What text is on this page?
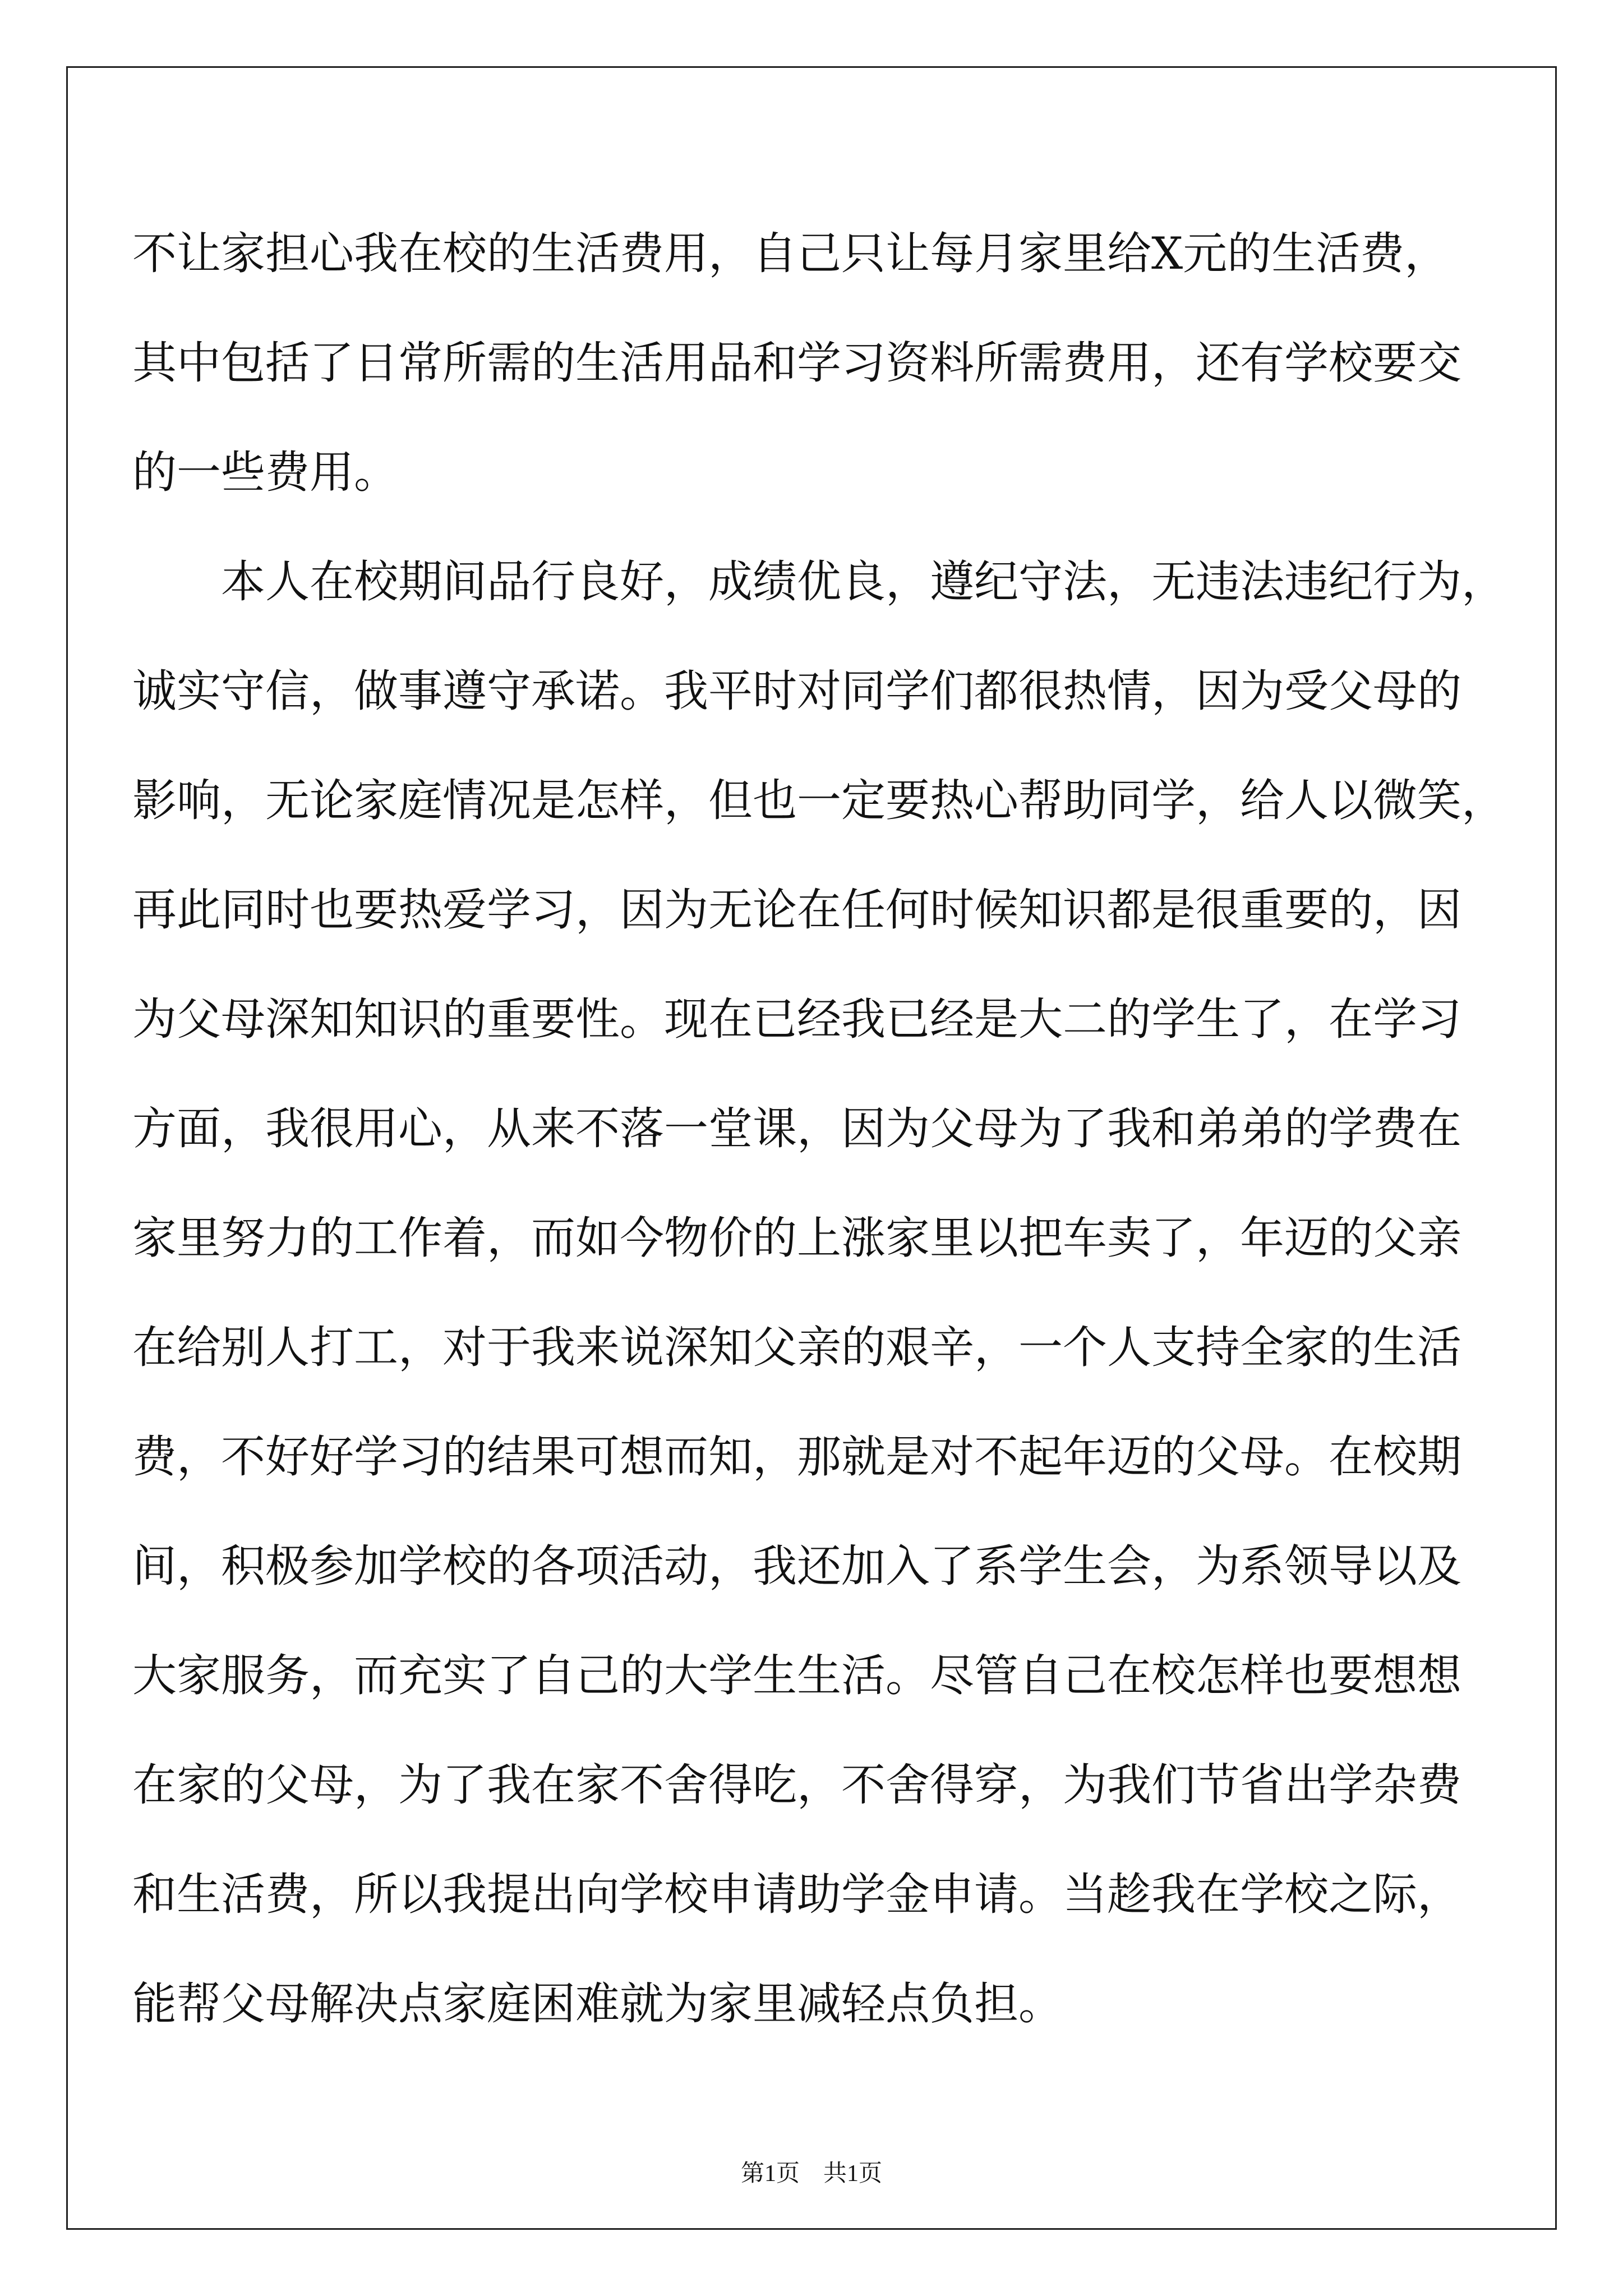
不让家担心我在校的生活费用，自己只让每月家里给X元的生活费，
其中包括了日常所需的生活用品和学习资料所需费用，还有学校要交
的一些费用。
本人在校期间品行良好，成绩优良，遵纪守法，无违法违纪行为，
诚实守信，做事遵守承诺。我平时对同学们都很热情，因为受父母的
影响，无论家庭情况是怎样，但也一定要热心帮助同学，给人以微笑，
再此同时也要热爱学习，因为无论在任何时候知识都是很重要的，因
为父母深知知识的重要性。现在已经我已经是大二的学生了，在学习
方面，我很用心，从来不落一堂课，因为父母为了我和弟弟的学费在
家里努力的工作着，而如今物价的上涨家里以把车卖了，年迈的父亲
在给别人打工，对于我来说深知父亲的艰辛，一个人支持全家的生活
费，不好好学习的结果可想而知，那就是对不起年迈的父母。在校期
间，积极参加学校的各项活动，我还加入了系学生会，为系领导以及
大家服务，而充实了自己的大学生生活。尽管自己在校怎样也要想想
在家的父母，为了我在家不舍得吃，不舍得穿，为我们节省出学杂费
和生活费，所以我提出向学校申请助学金申请。当趁我在学校之际，
能帮父母解决点家庭困难就为家里减轻点负担。
第1页　共1页
